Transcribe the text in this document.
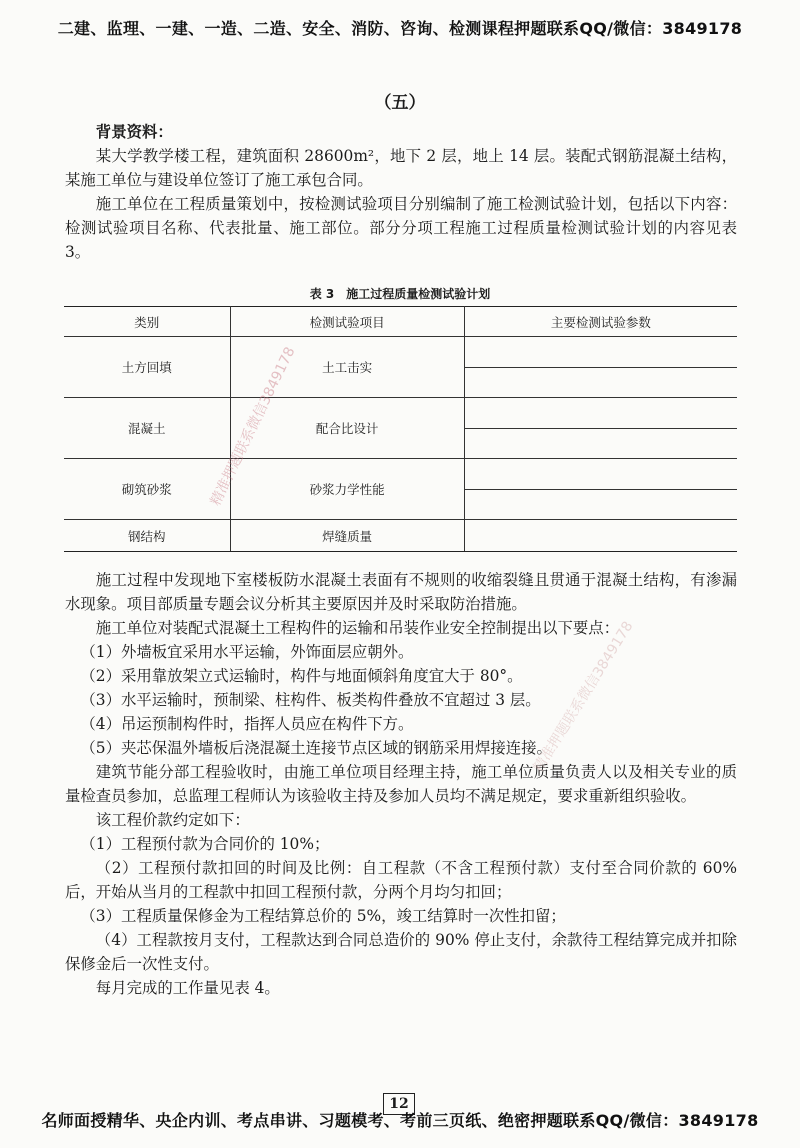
二建、监理、一建、一造、二造、安全、消防、咨询、检测课程押题联系QQ/微信：3849178
（五）

背景资料：

某大学教学楼工程，建筑面积 28600m²，地下 2 层，地上 14 层。装配式钢筋混凝土结构，某施工单位与建设单位签订了施工承包合同。

施工单位在工程质量策划中，按检测试验项目分别编制了施工检测试验计划，包括以下内容：检测试验项目名称、代表批量、施工部位。部分分项工程施工过程质量检测试验计划的内容见表 3。

表 3　施工过程质量检测试验计划
类别	检测试验项目	主要检测试验参数
土方回填	土工击实	

混凝土	配合比设计	

砌筑砂浆	砂浆力学性能	

钢结构	焊缝质量	

施工过程中发现地下室楼板防水混凝土表面有不规则的收缩裂缝且贯通于混凝土结构，有渗漏水现象。项目部质量专题会议分析其主要原因并及时采取防治措施。

施工单位对装配式混凝土工程构件的运输和吊装作业安全控制提出以下要点：

（1）外墙板宜采用水平运输，外饰面层应朝外。

（2）采用靠放架立式运输时，构件与地面倾斜角度宜大于 80°。

（3）水平运输时，预制梁、柱构件、板类构件叠放不宜超过 3 层。

（4）吊运预制构件时，指挥人员应在构件下方。

（5）夹芯保温外墙板后浇混凝土连接节点区域的钢筋采用焊接连接。

建筑节能分部工程验收时，由施工单位项目经理主持，施工单位质量负责人以及相关专业的质量检查员参加，总监理工程师认为该验收主持及参加人员均不满足规定，要求重新组织验收。

该工程价款约定如下：

（1）工程预付款为合同价的 10%；

（2）工程预付款扣回的时间及比例：自工程款（不含工程预付款）支付至合同价款的 60% 后，开始从当月的工程款中扣回工程预付款，分两个月均匀扣回；

（3）工程质量保修金为工程结算总价的 5%，竣工结算时一次性扣留；

（4）工程款按月支付，工程款达到合同总造价的 90% 停止支付，余款待工程结算完成并扣除保修金后一次性支付。

每月完成的工作量见表 4。

精准押题联系微信3849178
精准押题联系微信3849178
12
名师面授精华、央企内训、考点串讲、习题模考、考前三页纸、绝密押题联系QQ/微信：3849178
